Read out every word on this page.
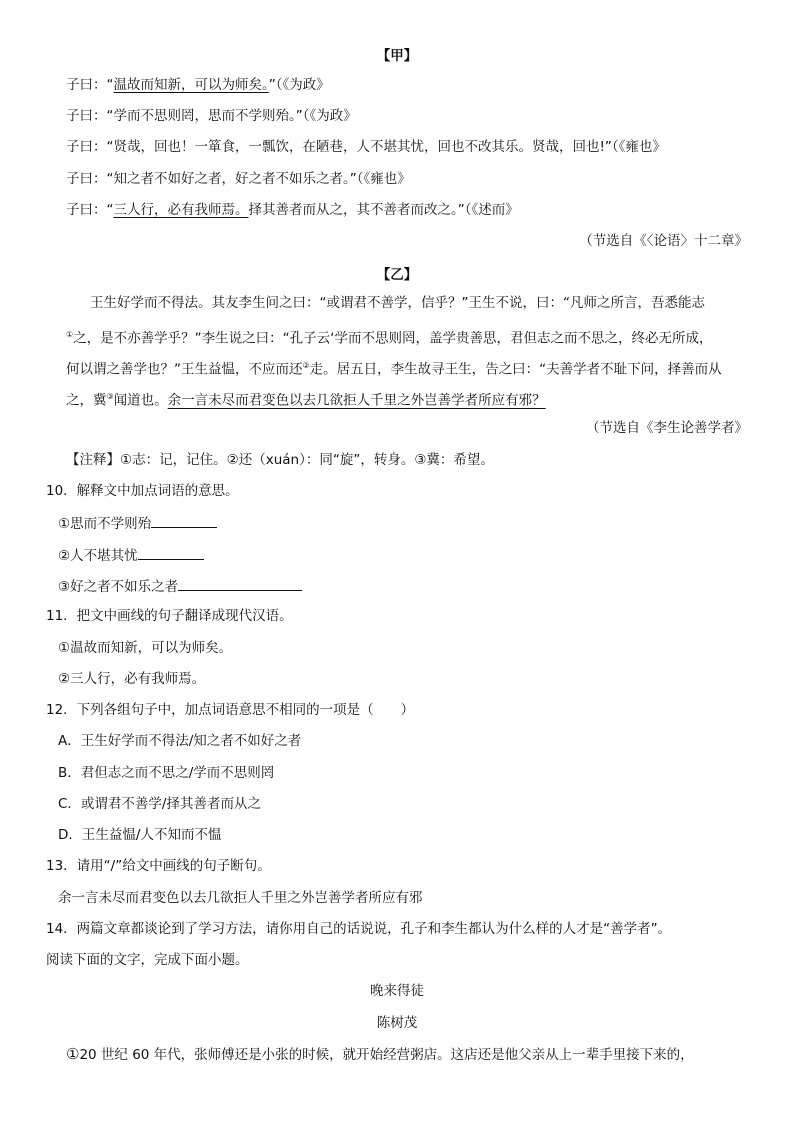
【甲】
子曰：“温故而知新，可以为师矣。”（《为政》
子曰：“学而不思则罔，思而不学则殆。”（《为政》
子曰：“贤哉，回也！一箪食，一瓢饮，在陋巷，人不堪其忧，回也不改其乐。贤哉，回也!”（《雍也》
子曰：“知之者不如好之者，好之者不如乐之者。”（《雍也》
子曰：“三人行，必有我师焉。择其善者而从之，其不善者而改之。”（《述而》
（节选自《〈论语〉十二章》
【乙】
王生好学而不得法。其友李生问之曰：“或谓君不善学，信乎？”王生不说，曰：“凡师之所言，吾悉能志
①之，是不亦善学乎？”李生说之曰：“孔子云‘学而不思则罔，盖学贵善思，君但志之而不思之，终必无所成，
何以谓之善学也？”王生益愠，不应而还②走。居五日，李生故寻王生，告之曰：“夫善学者不耻下问，择善而从
之，冀③闻道也。余一言未尽而君变色以去几欲拒人千里之外岂善学者所应有邪？
（节选自《李生论善学者》
【注释】①志：记，记住。②还（xuán）：同“旋”，转身。③冀：希望。
10．解释文中加点词语的意思。
①思而不学则殆
②人不堪其忧
③好之者不如乐之者
11．把文中画线的句子翻译成现代汉语。
①温故而知新，可以为师矣。
②三人行，必有我师焉。
12．下列各组句子中，加点词语意思不相同的一项是（　　）
A．王生好学而不得法/知之者不如好之者
B．君但志之而不思之/学而不思则罔
C．或谓君不善学/择其善者而从之
D．王生益愠/人不知而不愠
13．请用“/”给文中画线的句子断句。
余一言未尽而君变色以去几欲拒人千里之外岂善学者所应有邪
14．两篇文章都谈论到了学习方法，请你用自己的话说说，孔子和李生都认为什么样的人才是“善学者”。
阅读下面的文字，完成下面小题。
晚来得徒
陈树茂
①20 世纪 60 年代，张师傅还是小张的时候，就开始经营粥店。这店还是他父亲从上一辈手里接下来的，
